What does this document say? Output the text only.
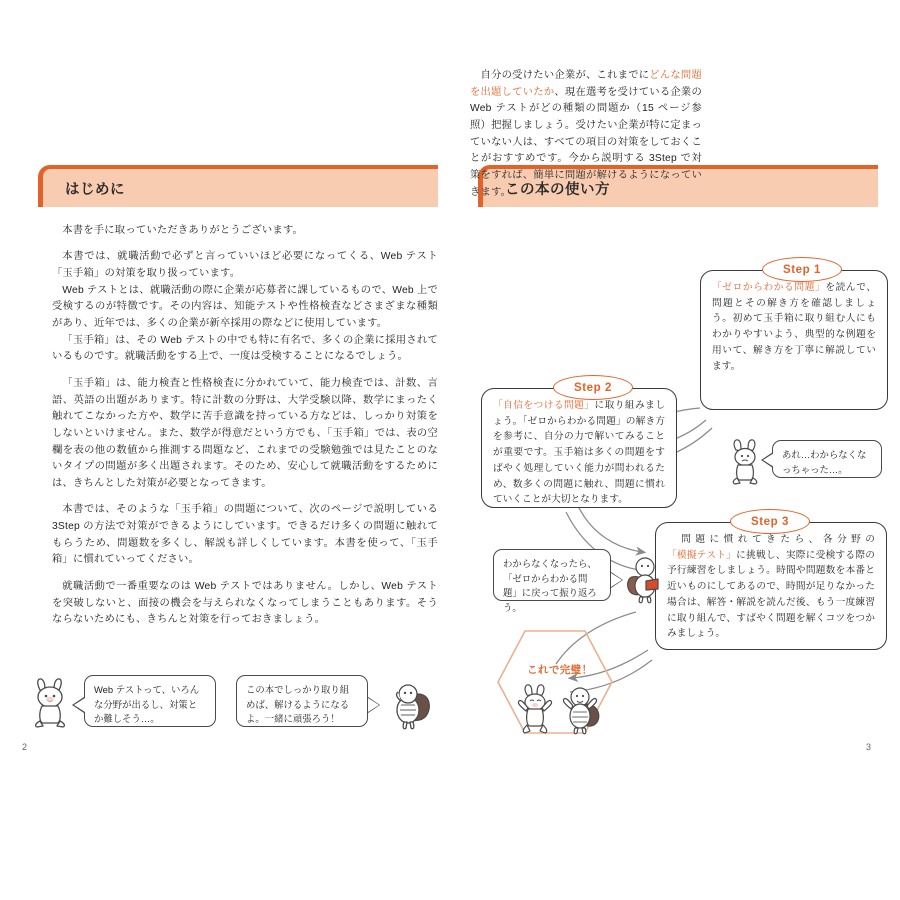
はじめに

本書を手に取っていただきありがとうございます。

本書では、就職活動で必ずと言っていいほど必要になってくる、Web テスト「玉手箱」の対策を取り扱っています。

Web テストとは、就職活動の際に企業が応募者に課しているもので、Web 上で受検するのが特徴です。その内容は、知能テストや性格検査などさまざまな種類があり、近年では、多くの企業が新卒採用の際などに使用しています。

「玉手箱」は、その Web テストの中でも特に有名で、多くの企業に採用されているものです。就職活動をする上で、一度は受検することになるでしょう。

「玉手箱」は、能力検査と性格検査に分かれていて、能力検査では、計数、言語、英語の出題があります。特に計数の分野は、大学受験以降、数学にまったく触れてこなかった方や、数学に苦手意識を持っている方などは、しっかり対策をしないといけません。また、数学が得意だという方でも、「玉手箱」では、表の空欄を表の他の数値から推測する問題など、これまでの受験勉強では見たことのないタイプの問題が多く出題されます。そのため、安心して就職活動をするためには、きちんとした対策が必要となってきます。

本書では、そのような「玉手箱」の問題について、次のページで説明している 3Step の方法で対策ができるようにしています。できるだけ多くの問題に触れてもらうため、問題数を多くし、解説も詳しくしています。本書を使って、「玉手箱」に慣れていってください。

就職活動で一番重要なのは Web テストではありません。しかし、Web テストを突破しないと、面接の機会を与えられなくなってしまうこともあります。そうならないためにも、きちんと対策を行っておきましょう。

Web テストって、いろんな分野が出るし、対策とか難しそう…。
この本でしっかり取り組めば、解けるようになるよ。一緒に頑張ろう！
2
この本の使い方

　自分の受けたい企業が、これまでにどんな問題を出題していたか、現在選考を受けている企業の Web テストがどの種類の問題か（15 ページ参照）把握しましょう。受けたい企業が特に定まっていない人は、すべての項目の対策をしておくことがおすすめです。今から説明する 3Step で対策をすれば、簡単に問題が解けるようになっていきます。

Step 1

「ゼロからわかる問題」を読んで、問題とその解き方を確認しましょう。初めて玉手箱に取り組む人にもわかりやすいよう、典型的な例題を用いて、解き方を丁寧に解説しています。

Step 2

「自信をつける問題」に取り組みましょう。「ゼロからわかる問題」の解き方を参考に、自分の力で解いてみることが重要です。玉手箱は多くの問題をすばやく処理していく能力が問われるため、数多くの問題に触れ、問題に慣れていくことが大切となります。

Step 3

　問題に慣れてきたら、各分野の「模擬テスト」に挑戦し、実際に受検する際の予行練習をしましょう。時間や問題数を本番と近いものにしてあるので、時間が足りなかった場合は、解答・解説を読んだ後、もう一度練習に取り組んで、すばやく問題を解くコツをつかみましょう。

あれ…わからなくなっちゃった…。
わからなくなったら、「ゼロからわかる問題」に戻って振り返ろう。
これで完璧！
3
